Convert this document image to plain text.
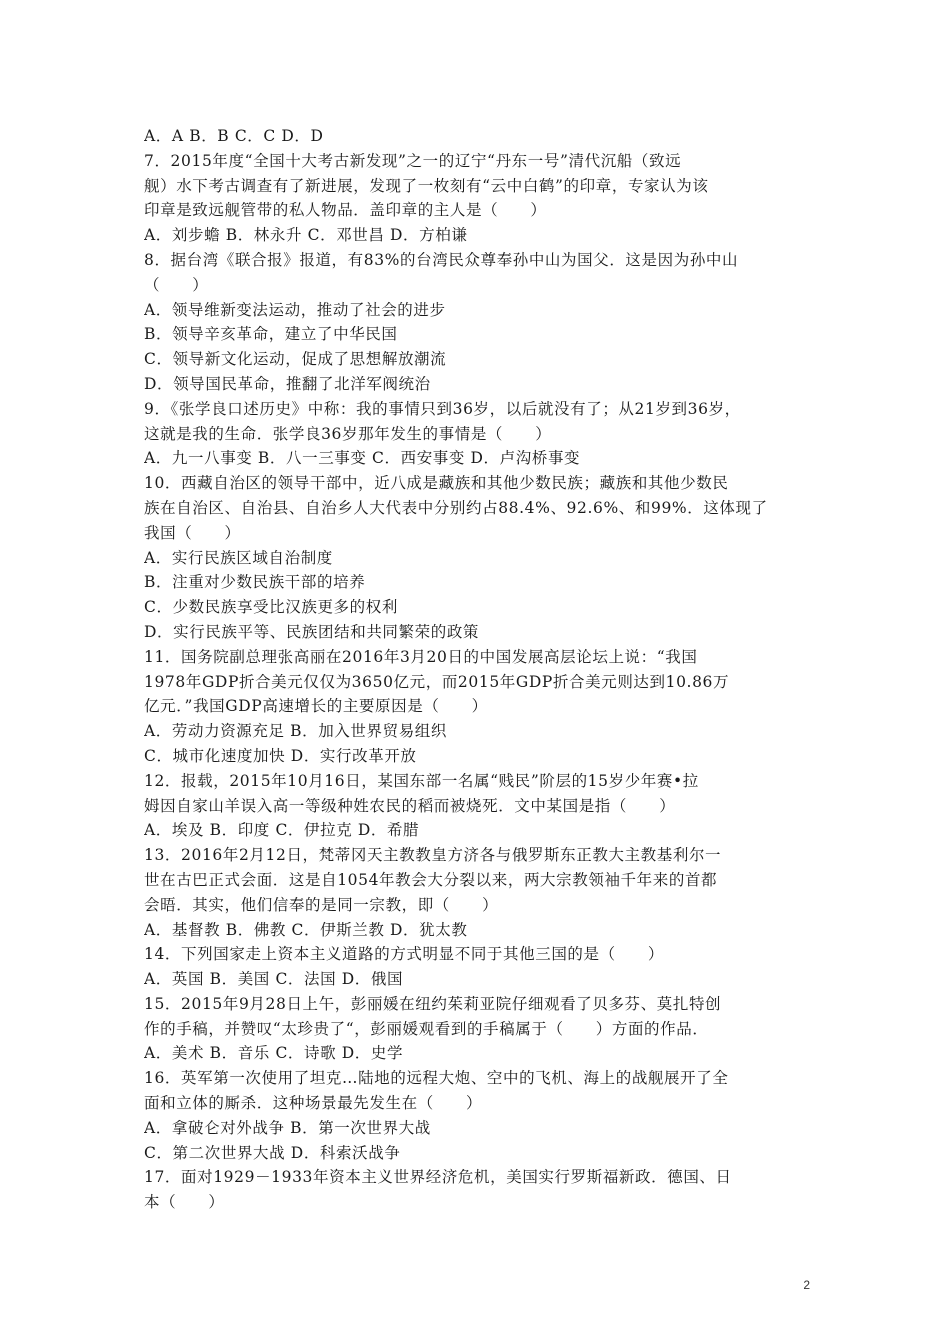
A．A B．B C．C D．D
7．2015年度“全国十大考古新发现”之一的辽宁“丹东一号”清代沉船（致远
舰）水下考古调查有了新进展，发现了一枚刻有“云中白鹤”的印章，专家认为该
印章是致远舰管带的私人物品．盖印章的主人是（　　）
A．刘步蟾 B．林永升 C．邓世昌 D．方柏谦
8．据台湾《联合报》报道，有83%的台湾民众尊奉孙中山为国父．这是因为孙中山
（　　）
A．领导维新变法运动，推动了社会的进步
B．领导辛亥革命，建立了中华民国
C．领导新文化运动，促成了思想解放潮流
D．领导国民革命，推翻了北洋军阀统治
9．《张学良口述历史》中称：我的事情只到36岁，以后就没有了；从21岁到36岁，
这就是我的生命．张学良36岁那年发生的事情是（　　）
A．九一八事变 B．八一三事变 C．西安事变 D．卢沟桥事变
10．西藏自治区的领导干部中，近八成是藏族和其他少数民族；藏族和其他少数民
族在自治区、自治县、自治乡人大代表中分别约占88.4%、92.6%、和99%．这体现了
我国（　　）
A．实行民族区域自治制度
B．注重对少数民族干部的培养
C．少数民族享受比汉族更多的权利
D．实行民族平等、民族团结和共同繁荣的政策
11．国务院副总理张高丽在2016年3月20日的中国发展高层论坛上说：“我国
1978年GDP折合美元仅仅为3650亿元，而2015年GDP折合美元则达到10.86万
亿元．”我国GDP高速增长的主要原因是（　　）
A．劳动力资源充足 B．加入世界贸易组织
C．城市化速度加快 D．实行改革开放
12．报载，2015年10月16日，某国东部一名属“贱民”阶层的15岁少年赛•拉
姆因自家山羊误入高一等级种姓农民的稻而被烧死．文中某国是指（　　）
A．埃及 B．印度 C．伊拉克 D．希腊
13．2016年2月12日，梵蒂冈天主教教皇方济各与俄罗斯东正教大主教基利尔一
世在古巴正式会面．这是自1054年教会大分裂以来，两大宗教领袖千年来的首都
会晤．其实，他们信奉的是同一宗教，即（　　）
A．基督教 B．佛教 C．伊斯兰教 D．犹太教
14．下列国家走上资本主义道路的方式明显不同于其他三国的是（　　）
A．英国 B．美国 C．法国 D．俄国
15．2015年9月28日上午，彭丽媛在纽约茱莉亚院仔细观看了贝多芬、莫扎特创
作的手稿，并赞叹“太珍贵了“，彭丽媛观看到的手稿属于（　　）方面的作品．
A．美术 B．音乐 C．诗歌 D．史学
16．英军第一次使用了坦克…陆地的远程大炮、空中的飞机、海上的战舰展开了全
面和立体的厮杀．这种场景最先发生在（　　）
A．拿破仑对外战争 B．第一次世界大战
C．第二次世界大战 D．科索沃战争
17．面对1929－1933年资本主义世界经济危机，美国实行罗斯福新政．德国、日
本（　　）
2
